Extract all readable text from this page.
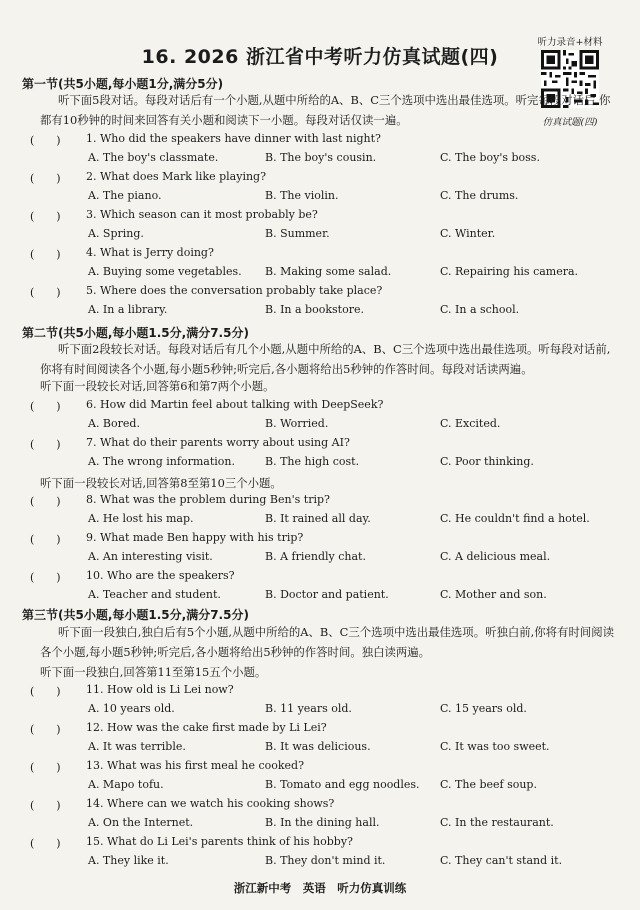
16. 2026 浙江省中考听力仿真试题(四)
听力录音+材料
仿真试题(四)
第一节(共5小题,每小题1分,满分5分)
听下面5段对话。每段对话后有一个小题,从题中所给的A、B、C三个选项中选出最佳选项。听完每段对话后,你都有10秒钟的时间来回答有关小题和阅读下一小题。每段对话仅读一遍。
(　　) 1. Who did the speakers have dinner with last night?
A. The boy's classmate.	B. The boy's cousin.	C. The boy's boss.
(　　) 2. What does Mark like playing?
A. The piano.	B. The violin.	C. The drums.
(　　) 3. Which season can it most probably be?
A. Spring.	B. Summer.	C. Winter.
(　　) 4. What is Jerry doing?
A. Buying some vegetables. B. Making some salad.	C. Repairing his camera.
(　　) 5. Where does the conversation probably take place?
A. In a library.	B. In a bookstore.	C. In a school.
第二节(共5小题,每小题1.5分,满分7.5分)
听下面2段较长对话。每段对话后有几个小题,从题中所给的A、B、C三个选项中选出最佳选项。听每段对话前,你将有时间阅读各个小题,每小题5秒钟;听完后,各小题将给出5秒钟的作答时间。每段对话读两遍。
听下面一段较长对话,回答第6和第7两个小题。
(　　) 6. How did Martin feel about talking with DeepSeek?
A. Bored.	B. Worried.	C. Excited.
(　　) 7. What do their parents worry about using AI?
A. The wrong information.	B. The high cost.	C. Poor thinking.
听下面一段较长对话,回答第8至第10三个小题。
(　　) 8. What was the problem during Ben's trip?
A. He lost his map.	B. It rained all day.	C. He couldn't find a hotel.
(　　) 9. What made Ben happy with his trip?
A. An interesting visit.	B. A friendly chat.	C. A delicious meal.
(　　) 10. Who are the speakers?
A. Teacher and student.	B. Doctor and patient.	C. Mother and son.
第三节(共5小题,每小题1.5分,满分7.5分)
听下面一段独白,独白后有5个小题,从题中所给的A、B、C三个选项中选出最佳选项。听独白前,你将有时间阅读各个小题,每小题5秒钟;听完后,各小题将给出5秒钟的作答时间。独白读两遍。
听下面一段独白,回答第11至第15五个小题。
(　　) 11. How old is Li Lei now?
A. 10 years old.	B. 11 years old.	C. 15 years old.
(　　) 12. How was the cake first made by Li Lei?
A. It was terrible.	B. It was delicious.	C. It was too sweet.
(　　) 13. What was his first meal he cooked?
A. Mapo tofu.	B. Tomato and egg noodles. C. The beef soup.
(　　) 14. Where can we watch his cooking shows?
A. On the Internet.	B. In the dining hall.	C. In the restaurant.
(　　) 15. What do Li Lei's parents think of his hobby?
A. They like it.	B. They don't mind it.	C. They can't stand it.
浙江新中考　英语　听力仿真训练
